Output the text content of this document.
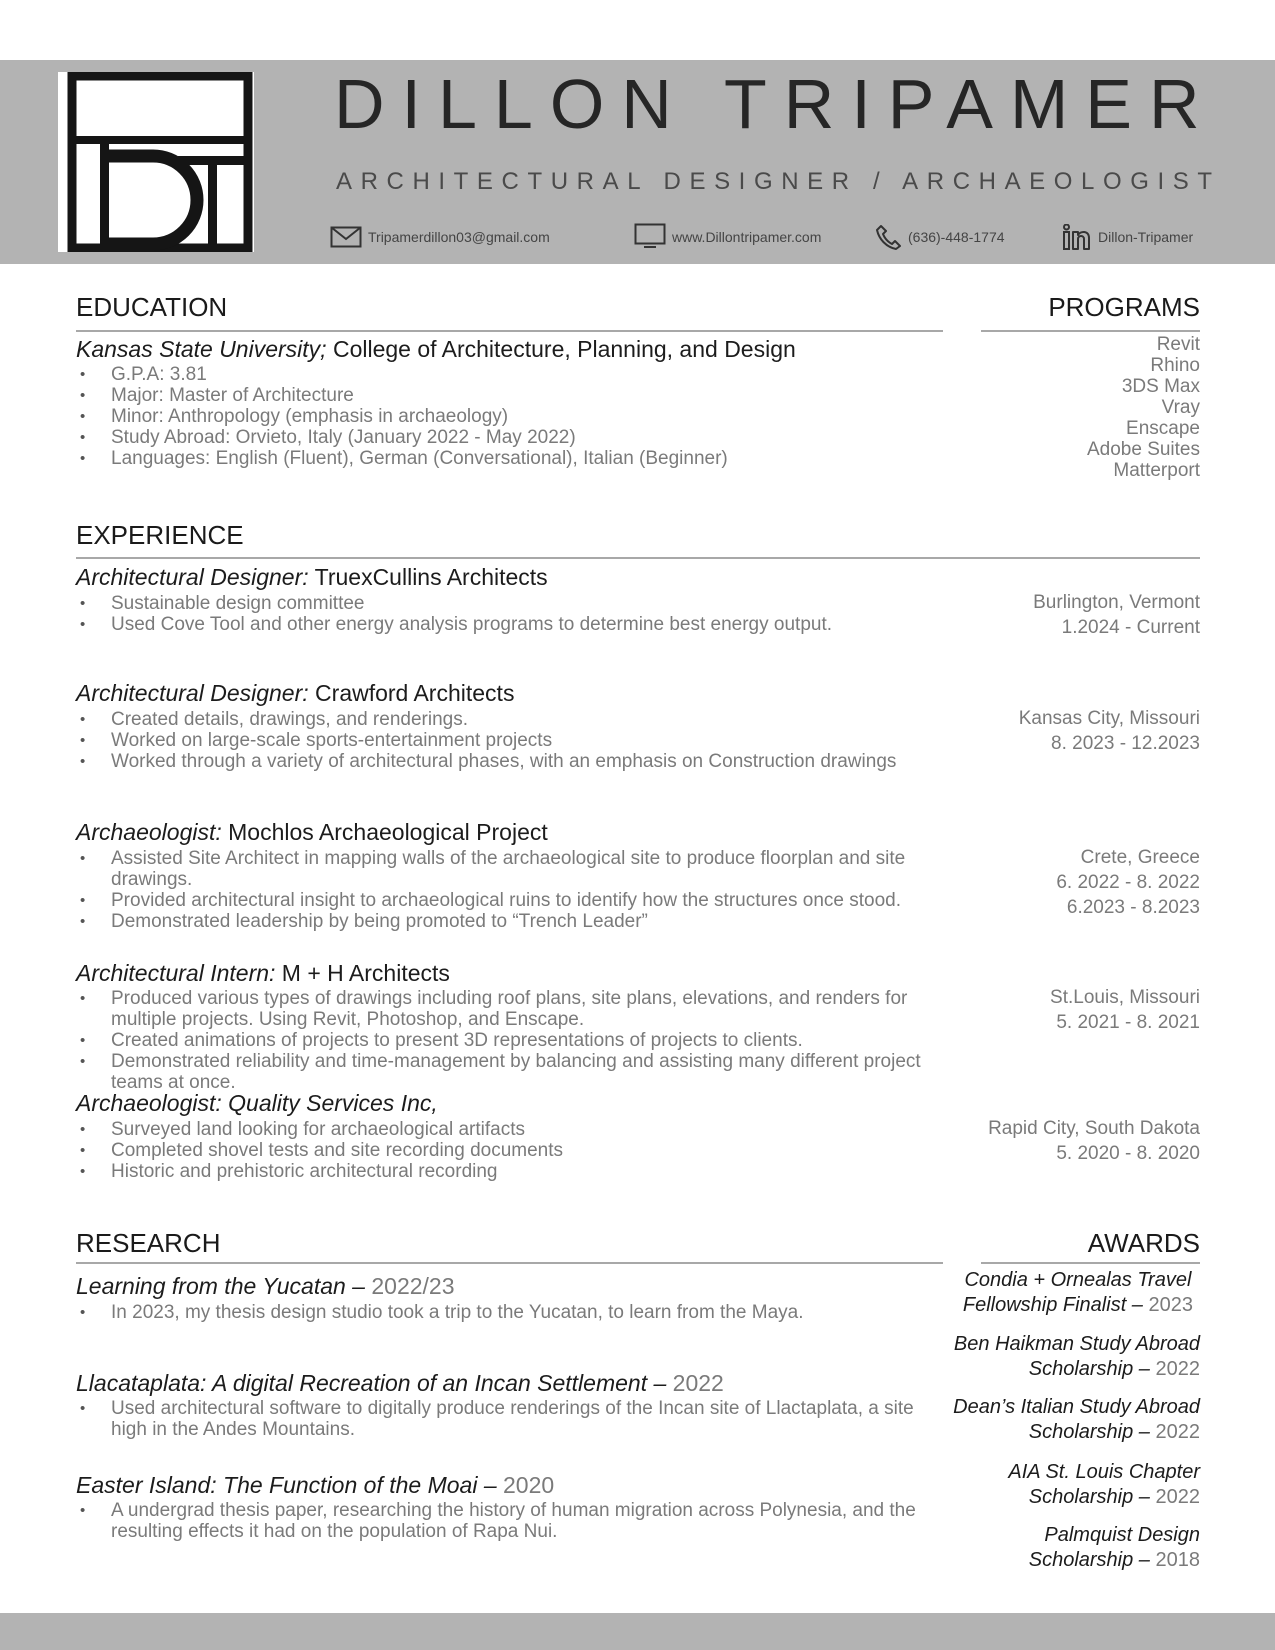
DILLON TRIPAMER
ARCHITECTURAL DESIGNER / ARCHAEOLOGIST
Tripamerdillon03@gmail.com	www.Dillontripamer.com	(636)-448-1774	Dillon-Tripamer
EDUCATION
Kansas State University; College of Architecture, Planning, and Design
• G.P.A: 3.81
• Major: Master of Architecture
• Minor: Anthropology (emphasis in archaeology)
• Study Abroad: Orvieto, Italy (January 2022 - May 2022)
• Languages: English (Fluent), German (Conversational), Italian (Beginner)
PROGRAMS
Revit
Rhino
3DS Max
Vray
Enscape
Adobe Suites
Matterport
EXPERIENCE
Architectural Designer: TruexCullins Architects
• Sustainable design committee
• Used Cove Tool and other energy analysis programs to determine best energy output.
Burlington, Vermont
1.2024 - Current
Architectural Designer: Crawford Architects
• Created details, drawings, and renderings.
• Worked on large-scale sports-entertainment projects
• Worked through a variety of architectural phases, with an emphasis on Construction drawings
Kansas City, Missouri
8. 2023 - 12.2023
Archaeologist: Mochlos Archaeological Project
• Assisted Site Architect in mapping walls of the archaeological site to produce floorplan and site drawings.
• Provided architectural insight to archaeological ruins to identify how the structures once stood.
• Demonstrated leadership by being promoted to “Trench Leader”
Crete, Greece
6. 2022 - 8. 2022
6.2023 - 8.2023
Architectural Intern: M + H Architects
• Produced various types of drawings including roof plans, site plans, elevations, and renders for multiple projects. Using Revit, Photoshop, and Enscape.
• Created animations of projects to present 3D representations of projects to clients.
• Demonstrated reliability and time-management by balancing and assisting many different project teams at once.
St.Louis, Missouri
5. 2021 - 8. 2021
Archaeologist: Quality Services Inc,
• Surveyed land looking for archaeological artifacts
• Completed shovel tests and site recording documents
• Historic and prehistoric architectural recording
Rapid City, South Dakota
5. 2020 - 8. 2020
RESEARCH
Learning from the Yucatan – 2022/23
• In 2023, my thesis design studio took a trip to the Yucatan, to learn from the Maya.
Llacataplata: A digital Recreation of an Incan Settlement – 2022
• Used architectural software to digitally produce renderings of the Incan site of Llactaplata, a site high in the Andes Mountains.
Easter Island: The Function of the Moai – 2020
• A undergrad thesis paper, researching the history of human migration across Polynesia, and the resulting effects it had on the population of Rapa Nui.
AWARDS
Condia + Ornealas Travel
Fellowship Finalist – 2023
Ben Haikman Study Abroad
Scholarship – 2022
Dean’s Italian Study Abroad
Scholarship – 2022
AIA St. Louis Chapter
Scholarship – 2022
Palmquist Design
Scholarship – 2018
